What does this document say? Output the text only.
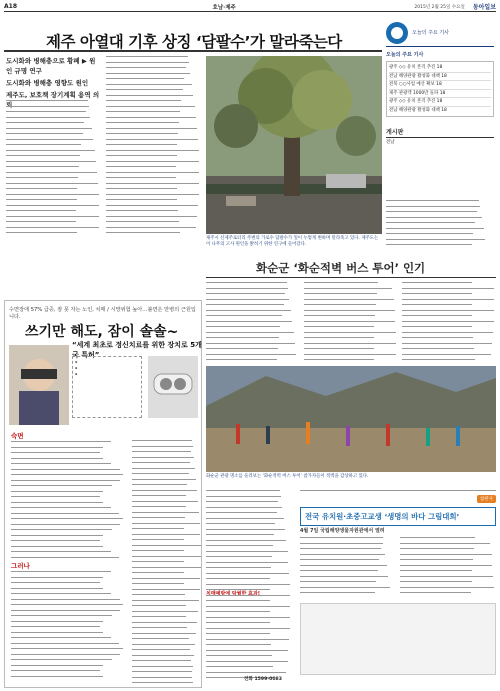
A18	호남·제주	2015년 2월 25일 수요일 동아일보
제주 아열대 기후 상징 ‘담팔수’가 말라죽는다
도시화와 병해충으로 황폐 ▶ 원인 규명 연구
도시화와 병해충 영향도 원인
제주도, 보호책 장기계획 용역 의
제주시 신제주로터리 주변의 가로수 담팔수가 잎이 누렇게 변하며 말라죽고 있다. 제주도는 이 나무의 고사 원인을 밝히기 위한 연구에 들어갔다.
오늘의 주요 기사
오늘의 주요 기사
광주 ◇◇ 유치 본격 추진 18
전남 해양관광 활성화 대책 18
전북 ○○사업 예산 확보 18
제주 관광객 1000만 돌파 18
광주 ◇◇ 유치 본격 추진 18
전남 해양관광 활성화 대책 18
게시판
전남
화순군 ‘화순적벽 버스 투어’ 인기
화순군 관광 명소를 둘러보는 ‘화순적벽 버스 투어’ 참가자들이 적벽을 감상하고 있다.
수면장애 57% 급증, 잠 못 자는 노인, 치매 / 시망위험 높아…불면은 만병의 근원입니다.
쓰기만 해도, 잠이 솔솔~
숙면
그러나
“세계 최초로 정신치료를 위한 장치로 5개국 특허”
▪
▪
▪
전화 1599-0083
참관사
전국 유치원·초중고교생 ‘생명의 바다 그림대회’
4월 7일 국립해양생물자원관에서 열려
